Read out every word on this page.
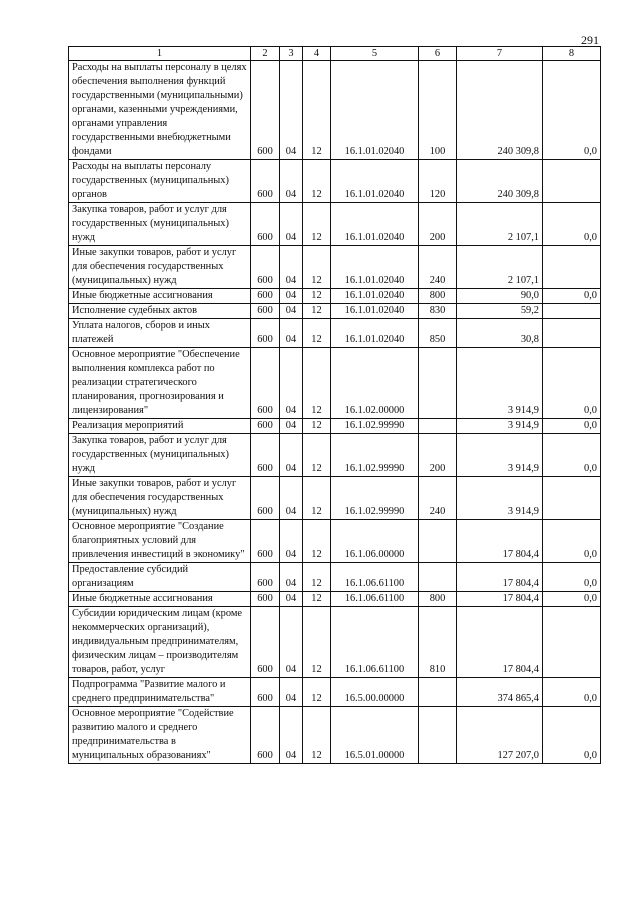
291
1	2	3	4	5	6	7	8
Расходы на выплаты персоналу в целях обеспечения выполнения функций государственными (муниципальными) органами, казенными учреждениями, органами управления государственными внебюджетными фондами	600	04	12	16.1.01.02040	100	240 309,8	0,0
Расходы на выплаты персоналу государственных (муниципальных) органов	600	04	12	16.1.01.02040	120	240 309,8	
Закупка товаров, работ и услуг для государственных (муниципальных) нужд	600	04	12	16.1.01.02040	200	2 107,1	0,0
Иные закупки товаров, работ и услуг для обеспечения государственных (муниципальных) нужд	600	04	12	16.1.01.02040	240	2 107,1	
Иные бюджетные ассигнования	600	04	12	16.1.01.02040	800	90,0	0,0
Исполнение судебных актов	600	04	12	16.1.01.02040	830	59,2	
Уплата налогов, сборов и иных платежей	600	04	12	16.1.01.02040	850	30,8	
Основное мероприятие "Обеспечение выполнения комплекса работ по реализации стратегического планирования, прогнозирования и лицензирования"	600	04	12	16.1.02.00000		3 914,9	0,0
Реализация мероприятий	600	04	12	16.1.02.99990		3 914,9	0,0
Закупка товаров, работ и услуг для государственных (муниципальных) нужд	600	04	12	16.1.02.99990	200	3 914,9	0,0
Иные закупки товаров, работ и услуг для обеспечения государственных (муниципальных) нужд	600	04	12	16.1.02.99990	240	3 914,9	
Основное мероприятие "Создание благоприятных условий для привлечения инвестиций в экономику"	600	04	12	16.1.06.00000		17 804,4	0,0
Предоставление субсидий организациям	600	04	12	16.1.06.61100		17 804,4	0,0
Иные бюджетные ассигнования	600	04	12	16.1.06.61100	800	17 804,4	0,0
Субсидии юридическим лицам (кроме некоммерческих организаций), индивидуальным предпринимателям, физическим лицам – производителям товаров, работ, услуг	600	04	12	16.1.06.61100	810	17 804,4	
Подпрограмма "Развитие малого и среднего предпринимательства"	600	04	12	16.5.00.00000		374 865,4	0,0
Основное мероприятие "Содействие развитию малого и среднего предпринимательства в муниципальных образованиях"	600	04	12	16.5.01.00000		127 207,0	0,0
